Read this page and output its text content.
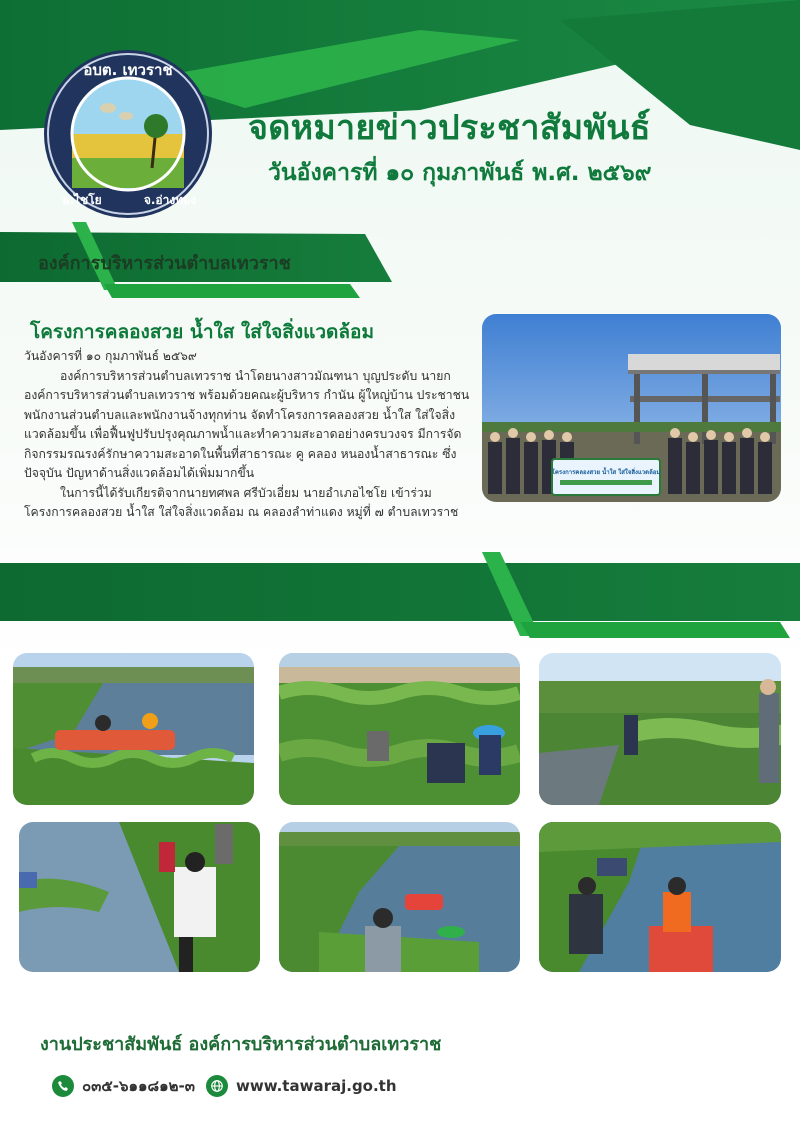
อบต. เทวราช
อ.ไชโย	จ.อ่างทอง
จดหมายข่าวประชาสัมพันธ์
วันอังคารที่ ๑๐ กุมภาพันธ์ พ.ศ. ๒๕๖๙
องค์การบริหารส่วนตำบลเทวราช
โครงการคลองสวย น้ำใส ใส่ใจสิ่งแวดล้อม

วันอังคารที่ ๑๐ กุมภาพันธ์ ๒๕๖๙

องค์การบริหารส่วนตำบลเทวราช นำโดยนางสาวมัณฑนา บุญประดับ นายกองค์การบริหารส่วนตำบลเทวราช พร้อมด้วยคณะผู้บริหาร กำนัน ผู้ใหญ่บ้าน ประชาชน พนักงานส่วนตำบลและพนักงานจ้างทุกท่าน จัดทำโครงการคลองสวย น้ำใส ใส่ใจสิ่งแวดล้อมขึ้น เพื่อฟื้นฟูปรับปรุงคุณภาพน้ำและทำความสะอาดอย่างครบวงจร มีการจัดกิจกรรมรณรงค์รักษาความสะอาดในพื้นที่สาธารณะ คู คลอง หนองน้ำสาธารณะ ซึ่งปัจจุบัน ปัญหาด้านสิ่งแวดล้อมได้เพิ่มมากขึ้น

ในการนี้ได้รับเกียรติจากนายทศพล ศรีบัวเอี่ยม นายอำเภอไชโย เข้าร่วมโครงการคลองสวย น้ำใส ใส่ใจสิ่งแวดล้อม ณ คลองลำท่าแดง หมู่ที่ ๗ ตำบลเทวราช

โครงการคลองสวย น้ำใส ใส่ใจสิ่งแวดล้อม
งานประชาสัมพันธ์ องค์การบริหารส่วนตำบลเทวราช
๐๓๕-๖๑๑๘๑๒-๓	www.tawaraj.go.th
